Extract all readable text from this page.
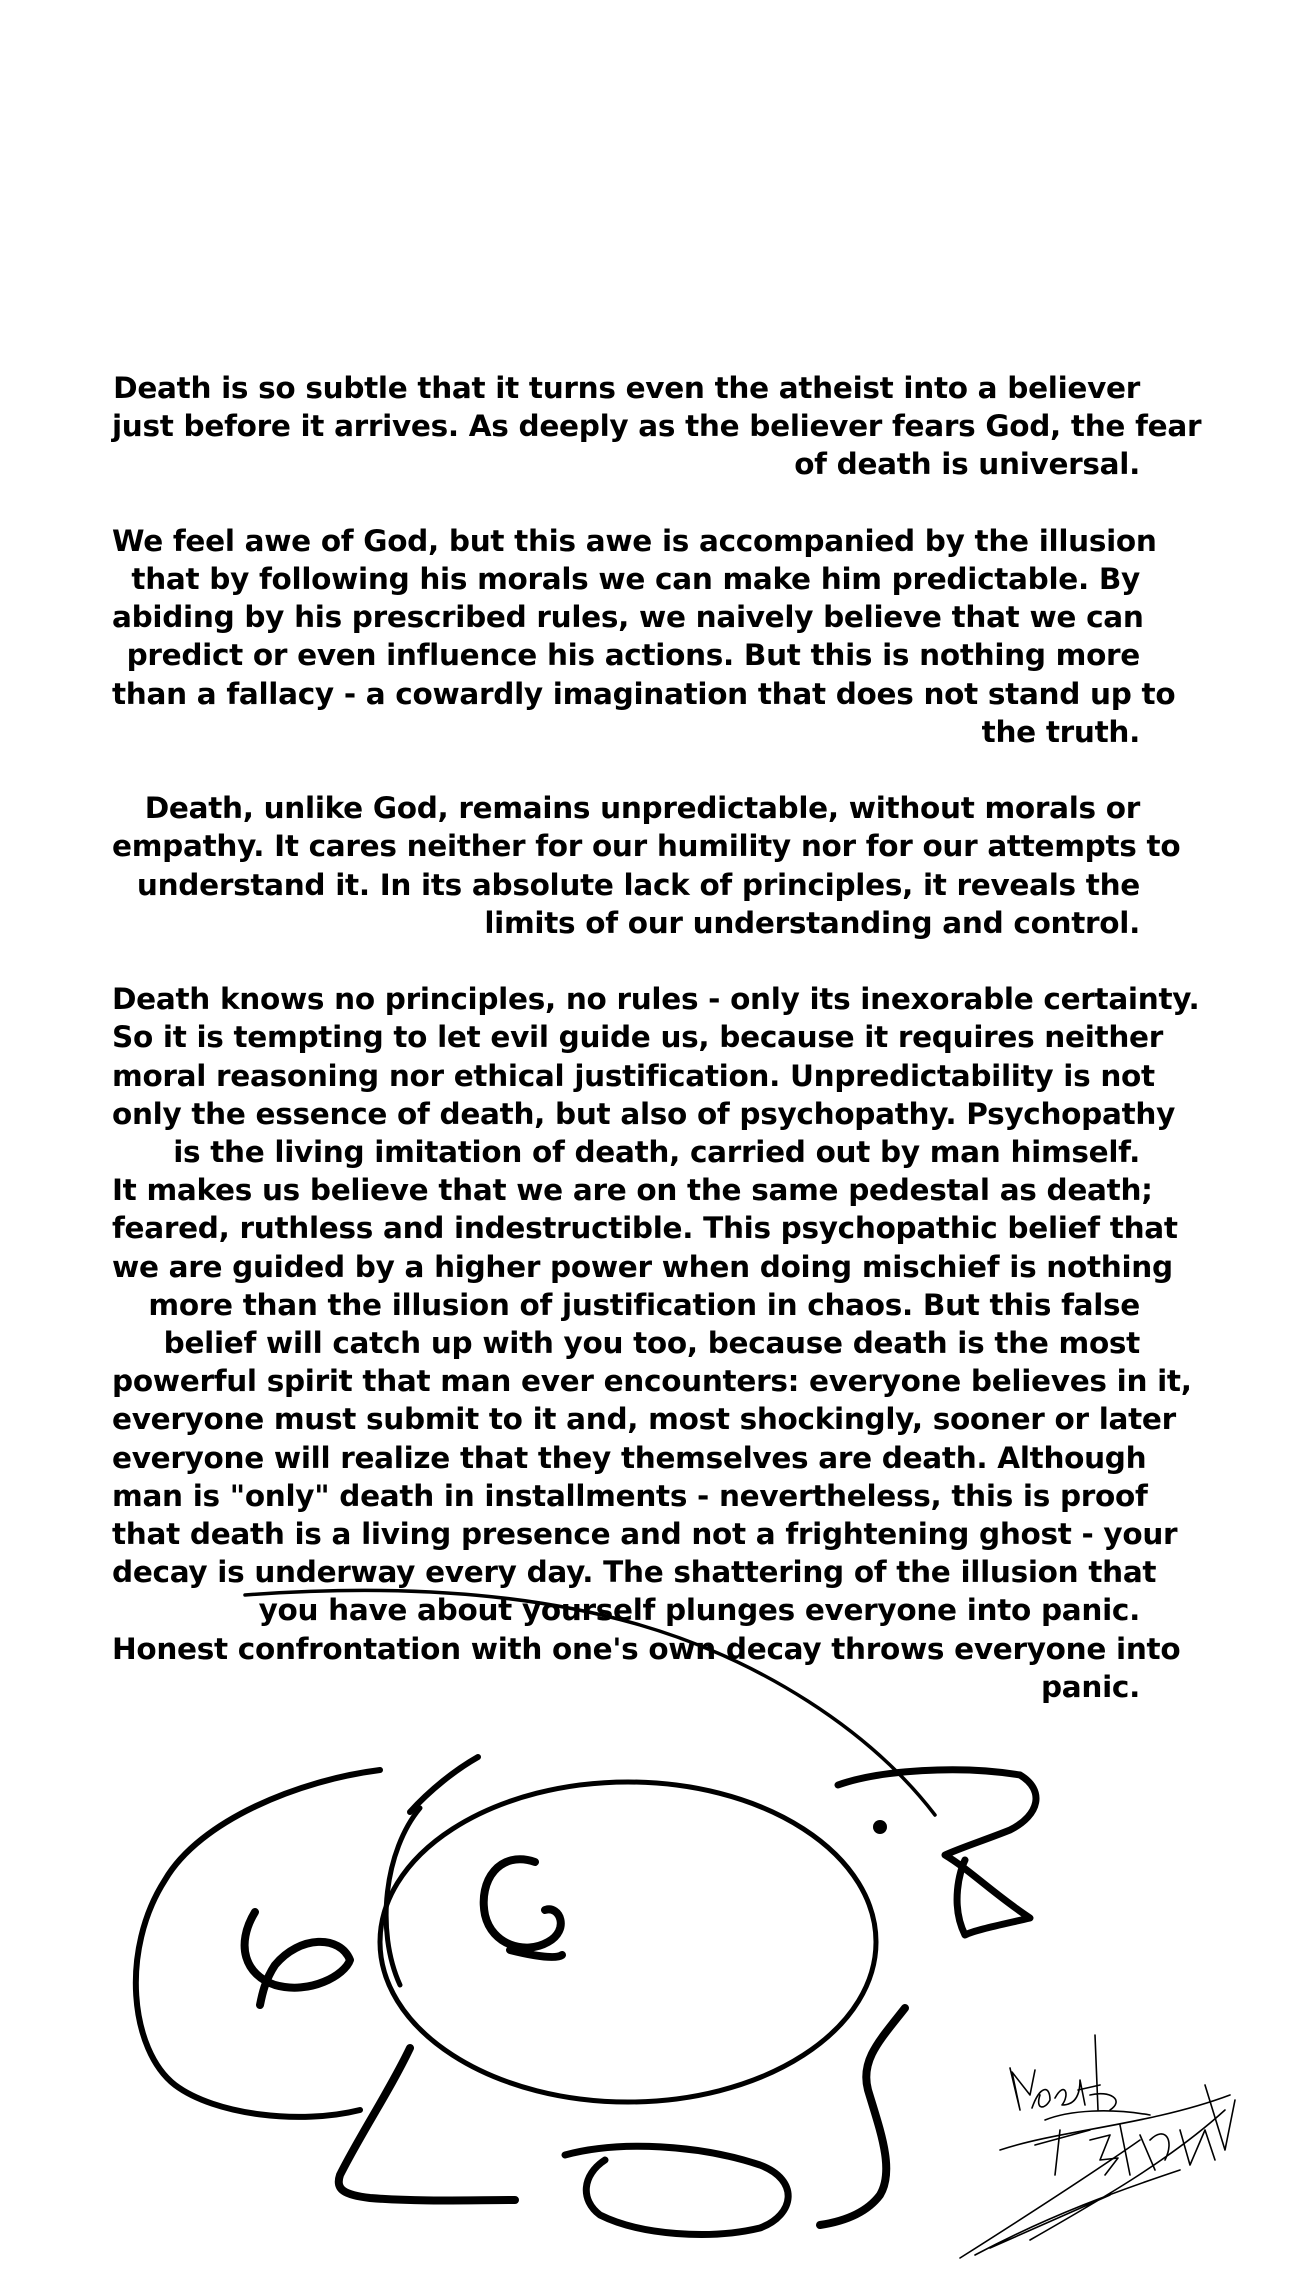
Death is so subtle that it turns even the atheist into a believer
just before it arrives. As deeply as the believer fears God, the fear
of death is universal.

We feel awe of God, but this awe is accompanied by the illusion
that by following his morals we can make him predictable. By
abiding by his prescribed rules, we naively believe that we can
predict or even influence his actions. But this is nothing more
than a fallacy - a cowardly imagination that does not stand up to
the truth.

Death, unlike God, remains unpredictable, without morals or
empathy. It cares neither for our humility nor for our attempts to
understand it. In its absolute lack of principles, it reveals the
limits of our understanding and control.

Death knows no principles, no rules - only its inexorable certainty.
So it is tempting to let evil guide us, because it requires neither
moral reasoning nor ethical justification. Unpredictability is not
only the essence of death, but also of psychopathy. Psychopathy
is the living imitation of death, carried out by man himself.
It makes us believe that we are on the same pedestal as death;
feared, ruthless and indestructible. This psychopathic belief that
we are guided by a higher power when doing mischief is nothing
more than the illusion of justification in chaos. But this false
belief will catch up with you too, because death is the most
powerful spirit that man ever encounters: everyone believes in it,
everyone must submit to it and, most shockingly, sooner or later
everyone will realize that they themselves are death. Although
man is "only" death in installments - nevertheless, this is proof
that death is a living presence and not a frightening ghost - your
decay is underway every day. The shattering of the illusion that
you have about yourself plunges everyone into panic.
Honest confrontation with one's own decay throws everyone into
panic.
